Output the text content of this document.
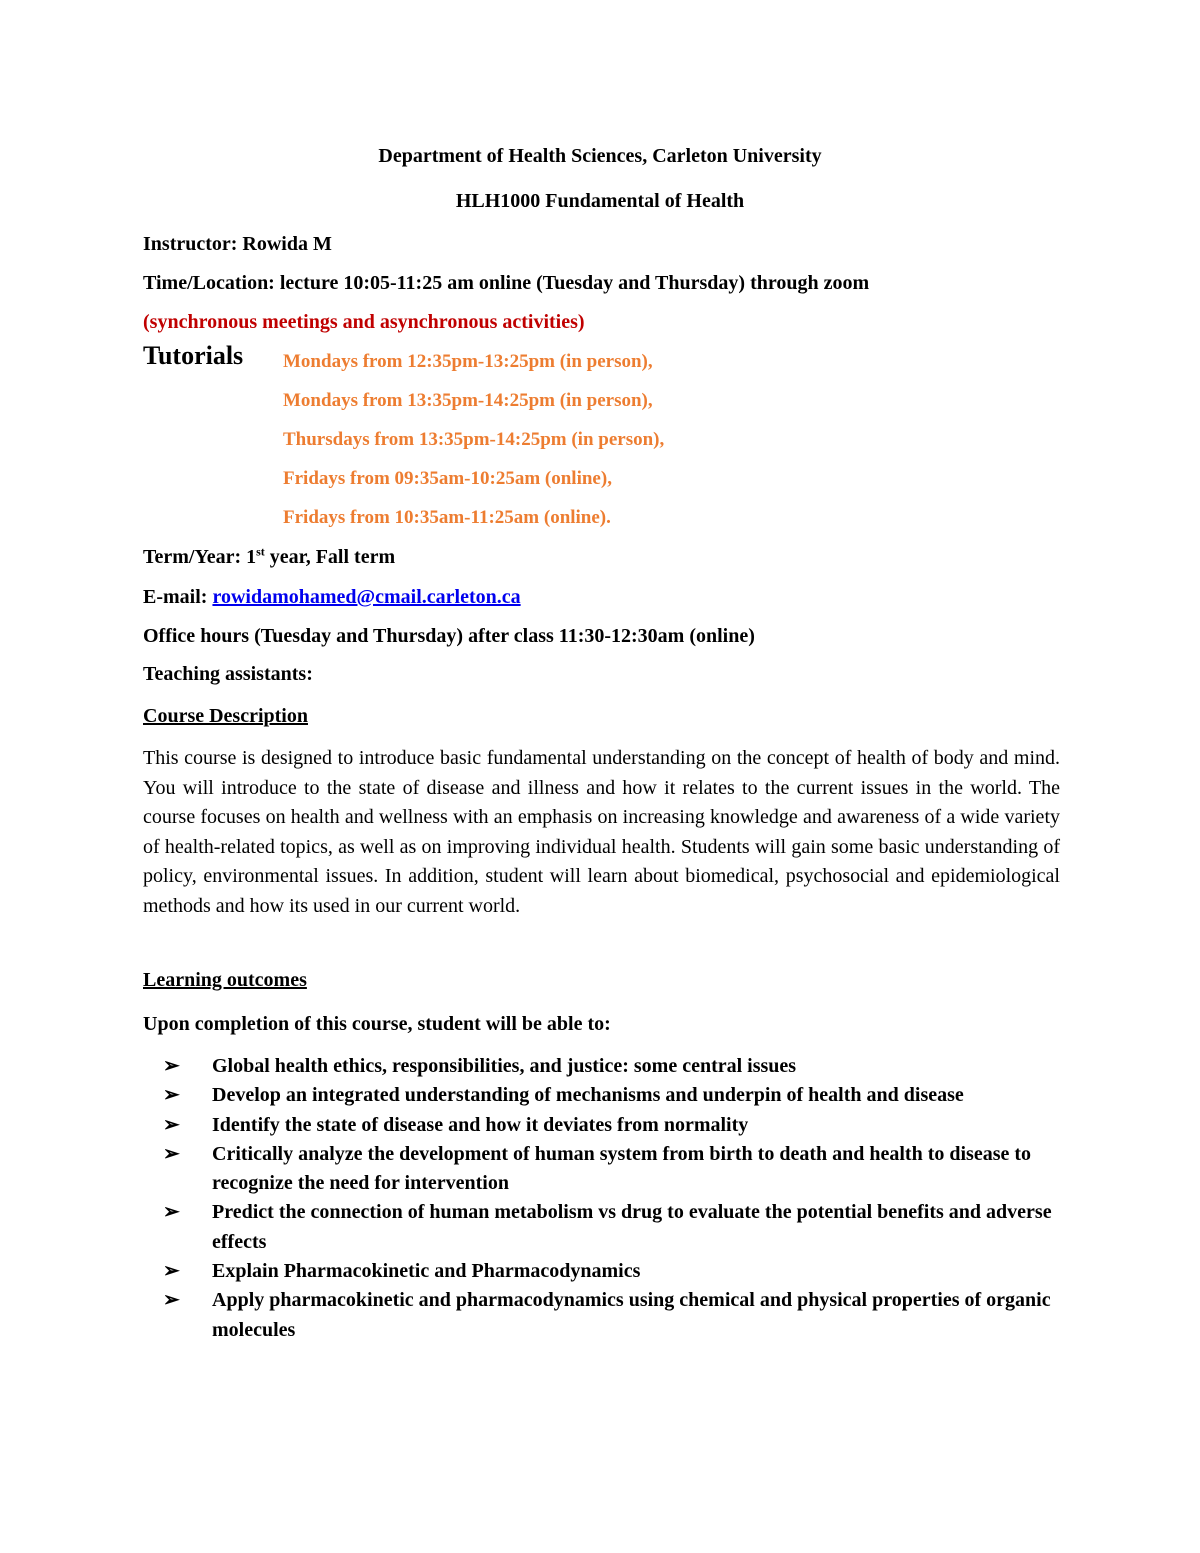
Department of Health Sciences, Carleton University
HLH1000 Fundamental of Health
Instructor: Rowida M
Time/Location: lecture 10:05-11:25 am online (Tuesday and Thursday) through zoom
(synchronous meetings and asynchronous activities)
Tutorials Mondays from 12:35pm-13:25pm (in person),
Mondays from 13:35pm-14:25pm (in person),
Thursdays from 13:35pm-14:25pm (in person),
Fridays from 09:35am-10:25am (online),
Fridays from 10:35am-11:25am (online).
Term/Year: 1st year, Fall term
E-mail: rowidamohamed@cmail.carleton.ca
Office hours (Tuesday and Thursday) after class 11:30-12:30am (online)
Teaching assistants:
Course Description
This course is designed to introduce basic fundamental understanding on the concept of health of body and mind. You will introduce to the state of disease and illness and how it relates to the current issues in the world. The course focuses on health and wellness with an emphasis on increasing knowledge and awareness of a wide variety of health-related topics, as well as on improving individual health. Students will gain some basic understanding of policy, environmental issues. In addition, student will learn about biomedical, psychosocial and epidemiological methods and how its used in our current world.
Learning outcomes
Upon completion of this course, student will be able to:
➢ Global health ethics, responsibilities, and justice: some central issues
➢ Develop an integrated understanding of mechanisms and underpin of health and disease
➢ Identify the state of disease and how it deviates from normality
➢ Critically analyze the development of human system from birth to death and health to disease to recognize the need for intervention
➢ Predict the connection of human metabolism vs drug to evaluate the potential benefits and adverse effects
➢ Explain Pharmacokinetic and Pharmacodynamics
➢ Apply pharmacokinetic and pharmacodynamics using chemical and physical properties of organic molecules
